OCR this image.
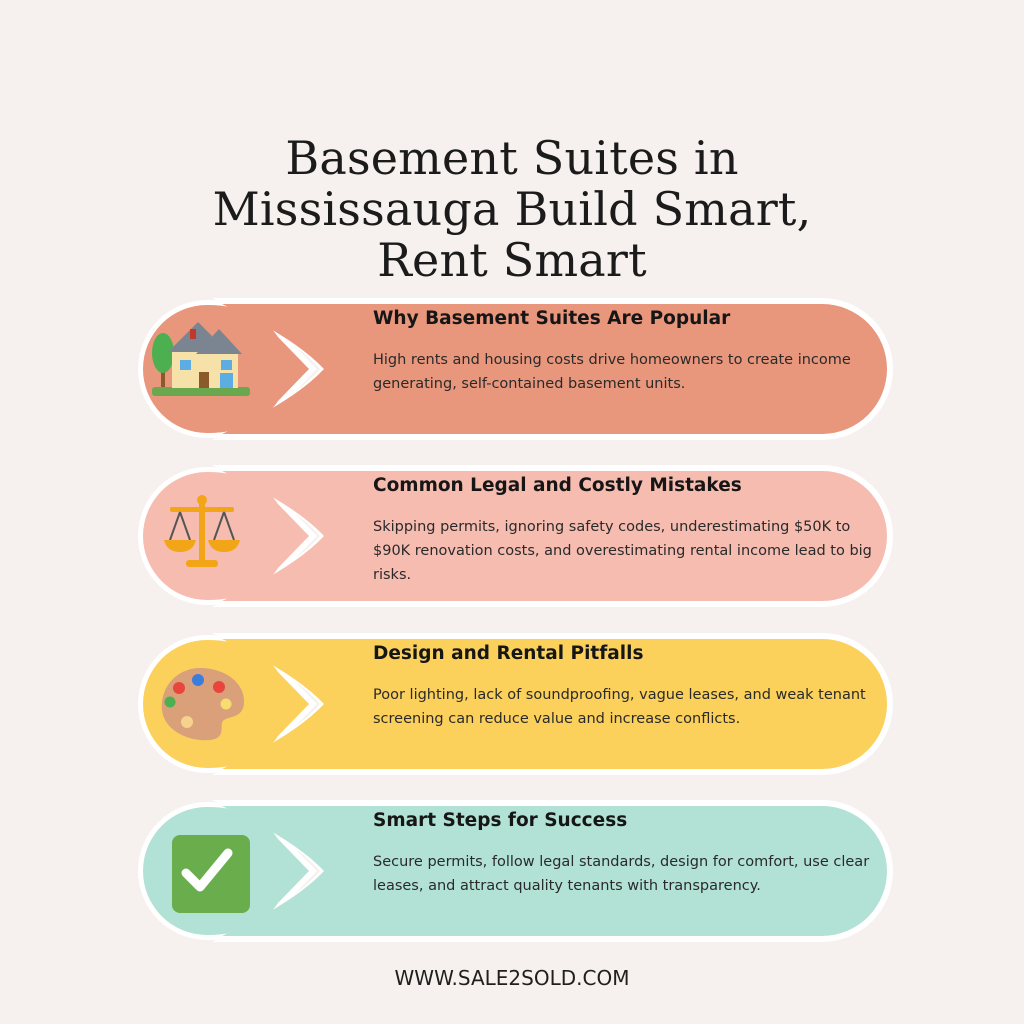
Basement Suites in
Mississauga Build Smart,
Rent Smart
Why Basement Suites Are Popular
High rents and housing costs drive homeowners to create income generating, self-contained basement units.
Common Legal and Costly Mistakes
Skipping permits, ignoring safety codes, underestimating $50K to $90K renovation costs, and overestimating rental income lead to big risks.
Design and Rental Pitfalls
Poor lighting, lack of soundproofing, vague leases, and weak tenant screening can reduce value and increase conflicts.
Smart Steps for Success
Secure permits, follow legal standards, design for comfort, use clear leases, and attract quality tenants with transparency.
WWW.SALE2SOLD.COM
